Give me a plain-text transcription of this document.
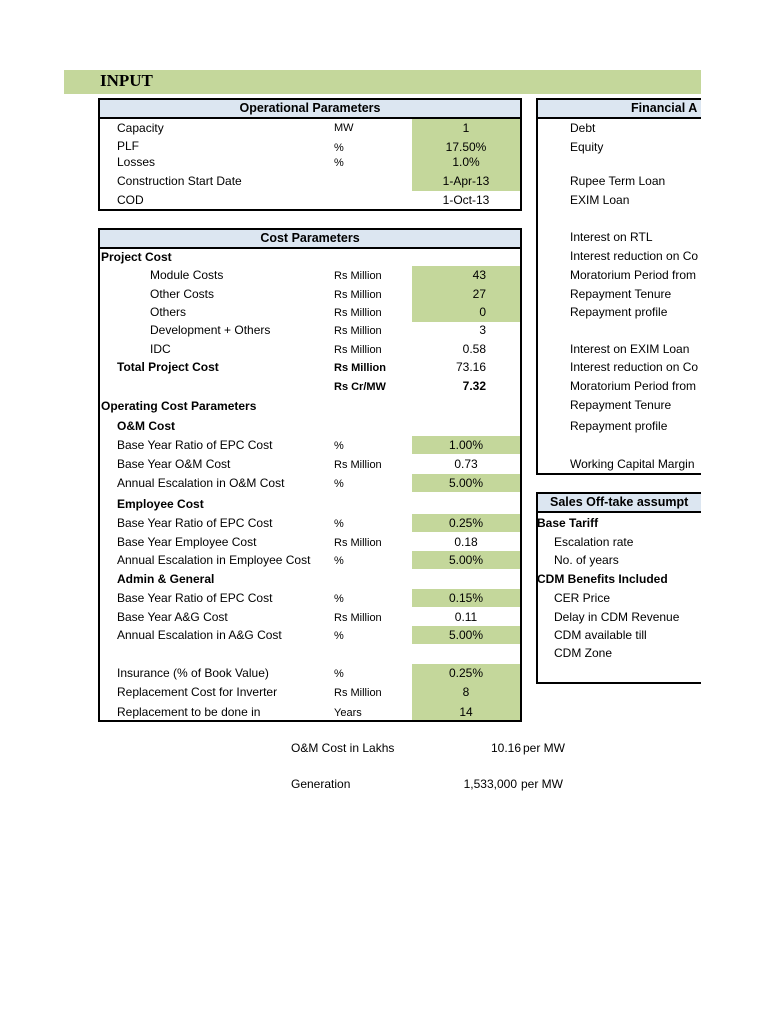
INPUT
Operational Parameters
Capacity	MW	1
PLF	%	17.50%
Losses	%	1.0%
Construction Start Date	1-Apr-13
COD	1-Oct-13
Cost Parameters
Project Cost
Module Costs	Rs Million	43
Other Costs	Rs Million	27
Others	Rs Million	0
Development + Others	Rs Million	3
IDC	Rs Million	0.58
Total Project Cost	Rs Million	73.16
Rs Cr/MW	7.32
Operating Cost Parameters
O&M Cost
Base Year Ratio of EPC Cost	%	1.00%
Base Year O&M Cost	Rs Million	0.73
Annual Escalation in O&M Cost	%	5.00%
Employee Cost
Base Year Ratio of EPC Cost	%	0.25%
Base Year Employee Cost	Rs Million	0.18
Annual Escalation in Employee Cost %	5.00%
Admin & General
Base Year Ratio of EPC Cost	%	0.15%
Base Year A&G Cost	Rs Million	0.11
Annual Escalation in A&G Cost	%	5.00%
Insurance (% of Book Value)	%	0.25%
Replacement Cost for Inverter	Rs Million	8
Replacement to be done in	Years	14
Financial A
Debt
Equity
Rupee Term Loan
EXIM Loan
Interest on RTL
Interest reduction on Co
Moratorium Period from
Repayment Tenure
Repayment profile
Interest on EXIM Loan
Interest reduction on Co
Moratorium Period from
Repayment Tenure
Repayment profile
Working Capital Margin
Sales Off-take assumpt
Base Tariff
Escalation rate
No. of years
CDM Benefits Included
CER Price
Delay in CDM Revenue
CDM available till
CDM Zone
O&M Cost in Lakhs	10.16 per MW
Generation	1,533,000 per MW
